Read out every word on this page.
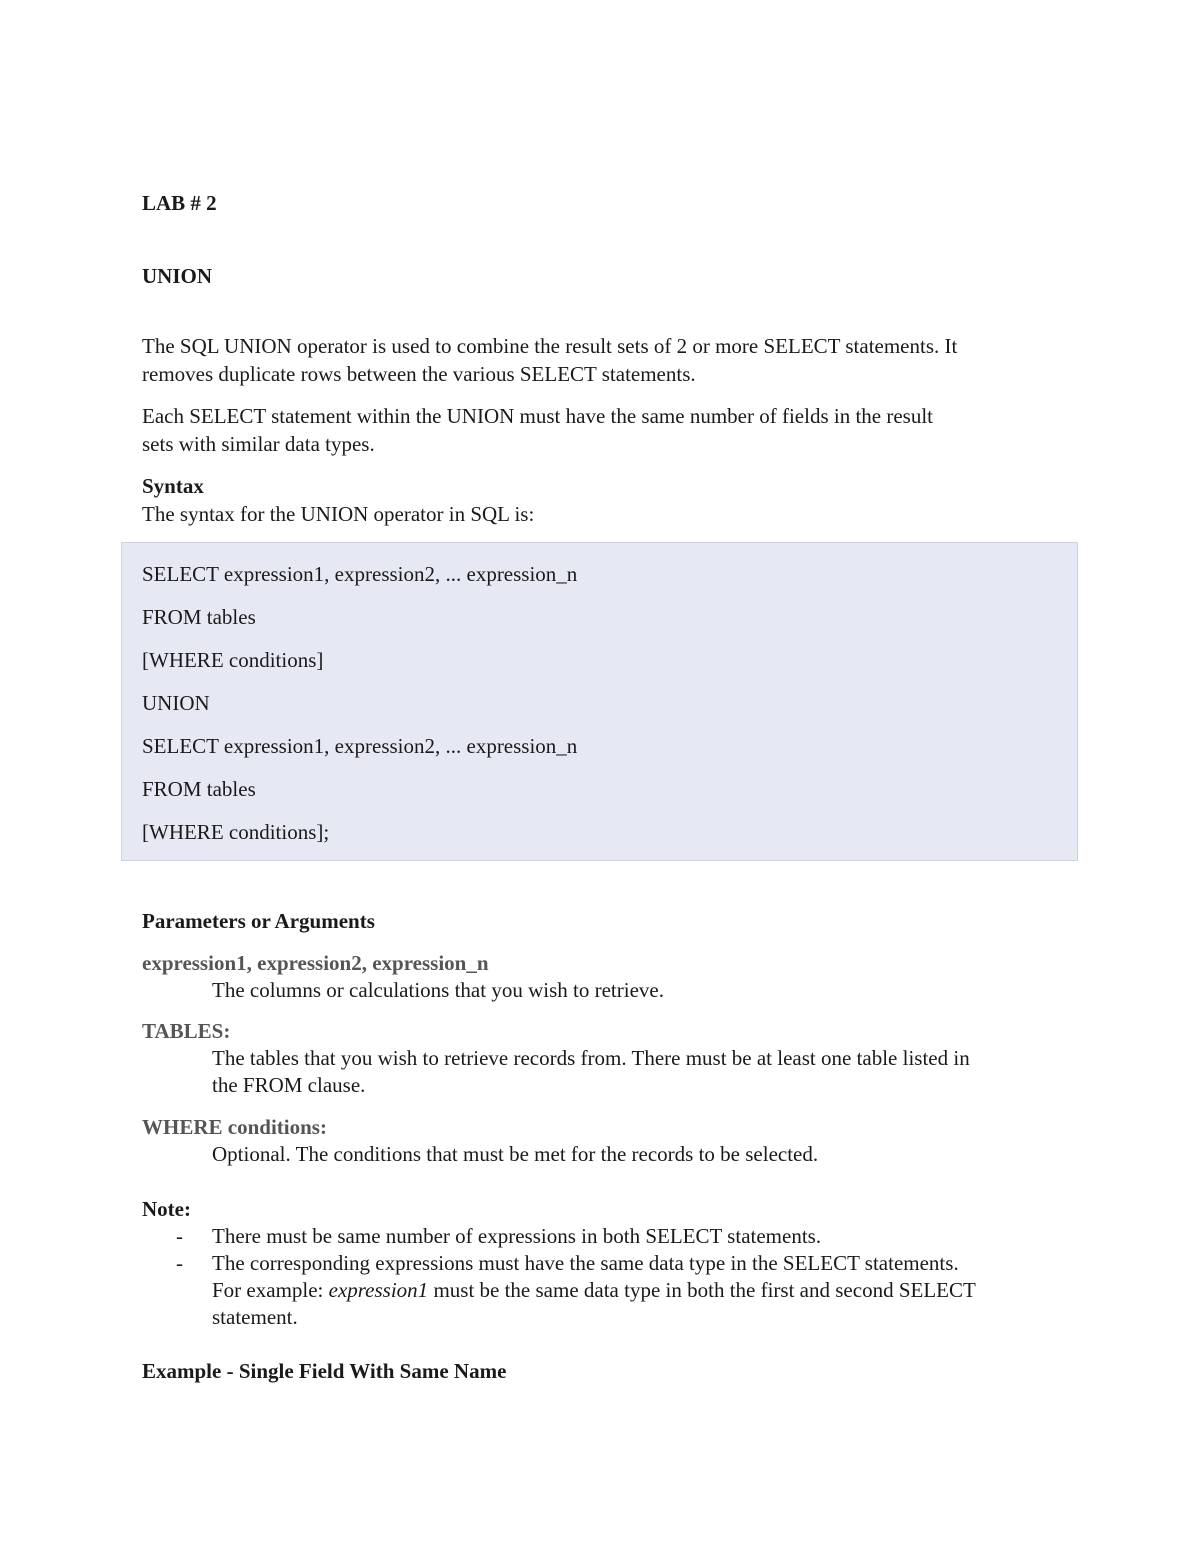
LAB # 2

UNION

The SQL UNION operator is used to combine the result sets of 2 or more SELECT statements. It

removes duplicate rows between the various SELECT statements.

Each SELECT statement within the UNION must have the same number of fields in the result

sets with similar data types.

Syntax

The syntax for the UNION operator in SQL is:

SELECT expression1, expression2, ... expression_n
FROM tables
[WHERE conditions]
UNION
SELECT expression1, expression2, ... expression_n
FROM tables
[WHERE conditions];

Parameters or Arguments

expression1, expression2, expression_n

The columns or calculations that you wish to retrieve.

TABLES:

The tables that you wish to retrieve records from. There must be at least one table listed in

the FROM clause.

WHERE conditions:

Optional. The conditions that must be met for the records to be selected.

Note:

- There must be same number of expressions in both SELECT statements.

- The corresponding expressions must have the same data type in the SELECT statements.

For example: expression1 must be the same data type in both the first and second SELECT

statement.

Example - Single Field With Same Name
